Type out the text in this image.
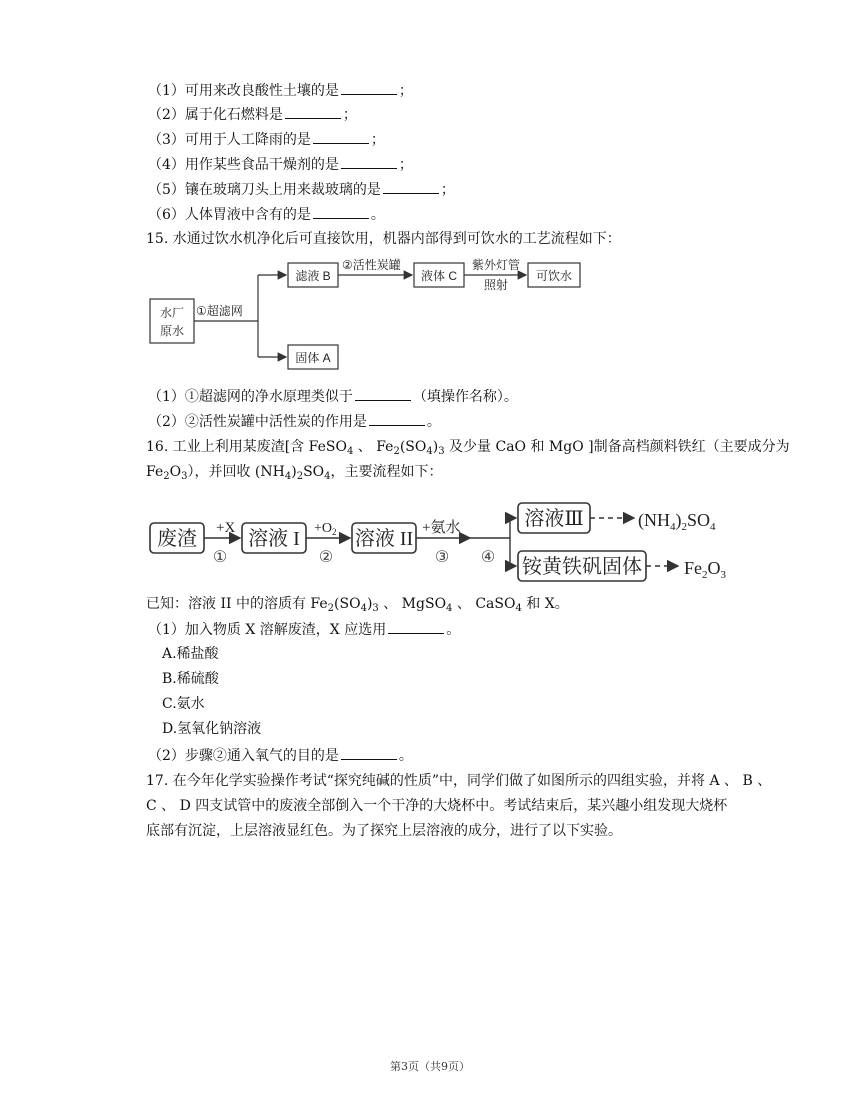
（1）可用来改良酸性土壤的是	；
（2）属于化石燃料是	；
（3）可用于人工降雨的是	；
（4）用作某些食品干燥剂的是	；
（5）镶在玻璃刀头上用来裁玻璃的是	；
（6）人体胃液中含有的是	。
15. 水通过饮水机净化后可直接饮用，机器内部得到可饮水的工艺流程如下：
水厂
原水
①超滤网
滤液 B
②活性炭罐
液体 C
紫外灯管
照射
可饮水
固体 A
（1）①超滤网的净水原理类似于	（填操作名称）。
（2）②活性炭罐中活性炭的作用是	。
16. 工业上利用某废渣[含 FeSO$_4$ 、 $Fe_2(SO_4)_3$ 及少量 CaO 和 MgO ]制备高档颜料铁红（主要成分为
$Fe_2O_3$），并回收 $(NH_4)_2SO_4$，主要流程如下：
废渣 +X
①
溶液 $I +O_2$
②
溶液 II +氨水
③ ④
溶液Ⅲ	$(NH_4)_2SO_4$
铵黄铁矾固体 $Fe_2O_3$
已知：溶液 II 中的溶质有 $Fe_2(SO_4)_3$ 、 MgSO$_4$ 、 CaSO$_4$ 和 X。
（1）加入物质 X 溶解废渣，X 应选用	。
A.稀盐酸
B.稀硫酸
C.氨水
D.氢氧化钠溶液
（2）步骤②通入氧气的目的是	。
17. 在今年化学实验操作考试“探究纯碱的性质”中，同学们做了如图所示的四组实验，并将 A 、 B 、
C 、 D 四支试管中的废液全部倒入一个干净的大烧杯中。考试结束后，某兴趣小组发现大烧杯
底部有沉淀，上层溶液显红色。为了探究上层溶液的成分，进行了以下实验。
第3页（共9页）
